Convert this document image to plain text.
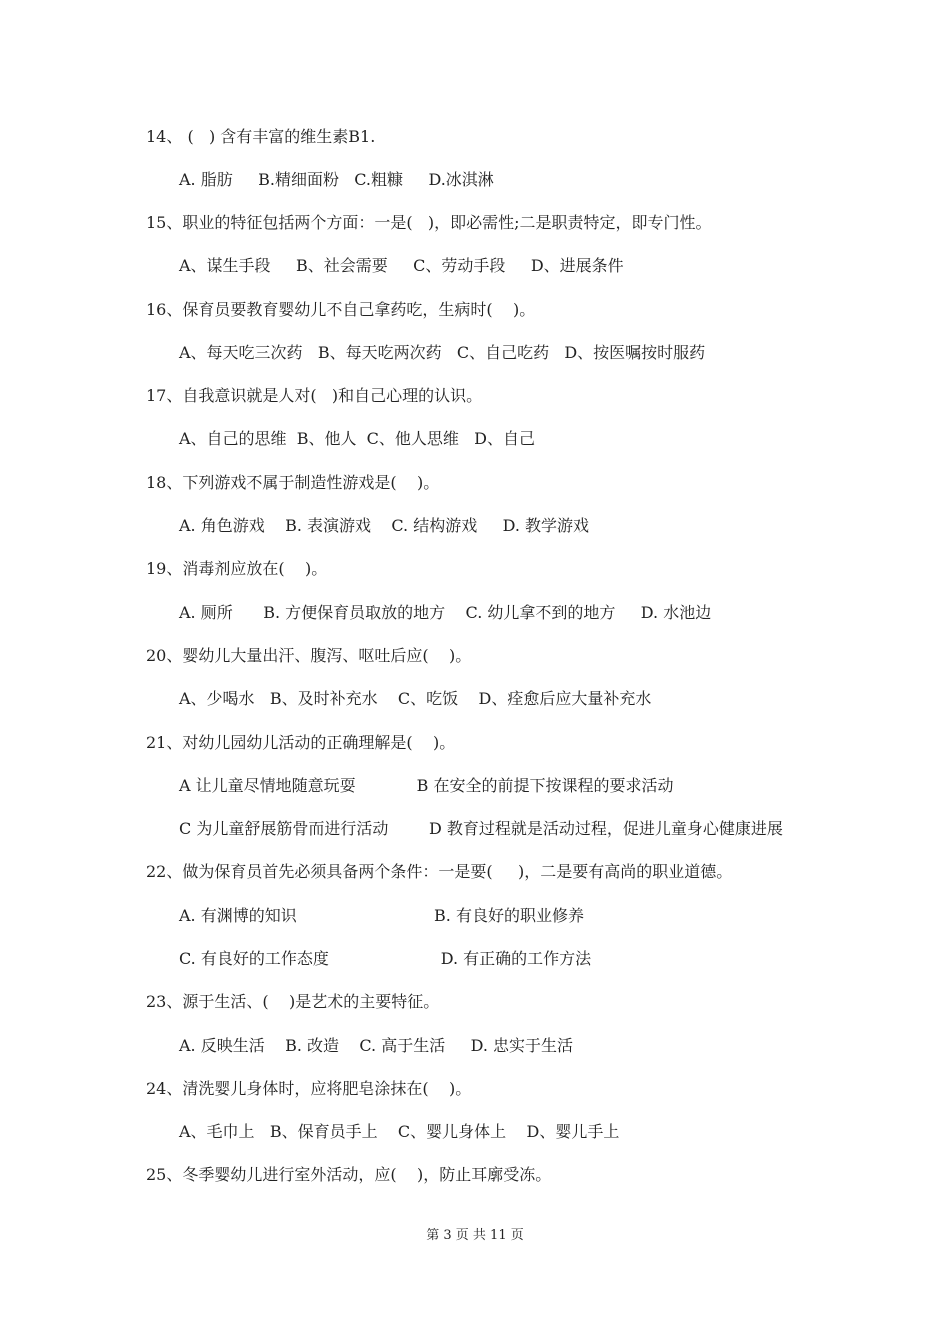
14、 (   ) 含有丰富的维生素B1.
A. 脂肪     B.精细面粉   C.粗糠     D.冰淇淋
15、职业的特征包括两个方面：一是(   )，即必需性;二是职责特定，即专门性。
A、谋生手段     B、社会需要     C、劳动手段     D、进展条件
16、保育员要教育婴幼儿不自己拿药吃，生病时(    )。
A、每天吃三次药   B、每天吃两次药   C、自己吃药   D、按医嘱按时服药
17、自我意识就是人对(   )和自己心理的认识。
A、自己的思维  B、他人  C、他人思维   D、自己
18、下列游戏不属于制造性游戏是(    )。
A. 角色游戏    B. 表演游戏    C. 结构游戏     D. 教学游戏
19、消毒剂应放在(    )。
A. 厕所      B. 方便保育员取放的地方    C. 幼儿拿不到的地方     D. 水池边
20、婴幼儿大量出汗、腹泻、呕吐后应(    )。
A、少喝水   B、及时补充水    C、吃饭    D、痊愈后应大量补充水
21、对幼儿园幼儿活动的正确理解是(    )。
A 让儿童尽情地随意玩耍            B 在安全的前提下按课程的要求活动
C 为儿童舒展筋骨而进行活动        D 教育过程就是活动过程，促进儿童身心健康进展
22、做为保育员首先必须具备两个条件：一是要(     )，二是要有高尚的职业道德。
A. 有渊博的知识                           B. 有良好的职业修养
C. 有良好的工作态度                      D. 有正确的工作方法
23、源于生活、(    )是艺术的主要特征。
A. 反映生活    B. 改造    C. 高于生活     D. 忠实于生活
24、清洗婴儿身体时，应将肥皂涂抹在(    )。
A、毛巾上   B、保育员手上    C、婴儿身体上    D、婴儿手上
25、冬季婴幼儿进行室外活动，应(    )，防止耳廓受冻。
第 3 页 共 11 页
